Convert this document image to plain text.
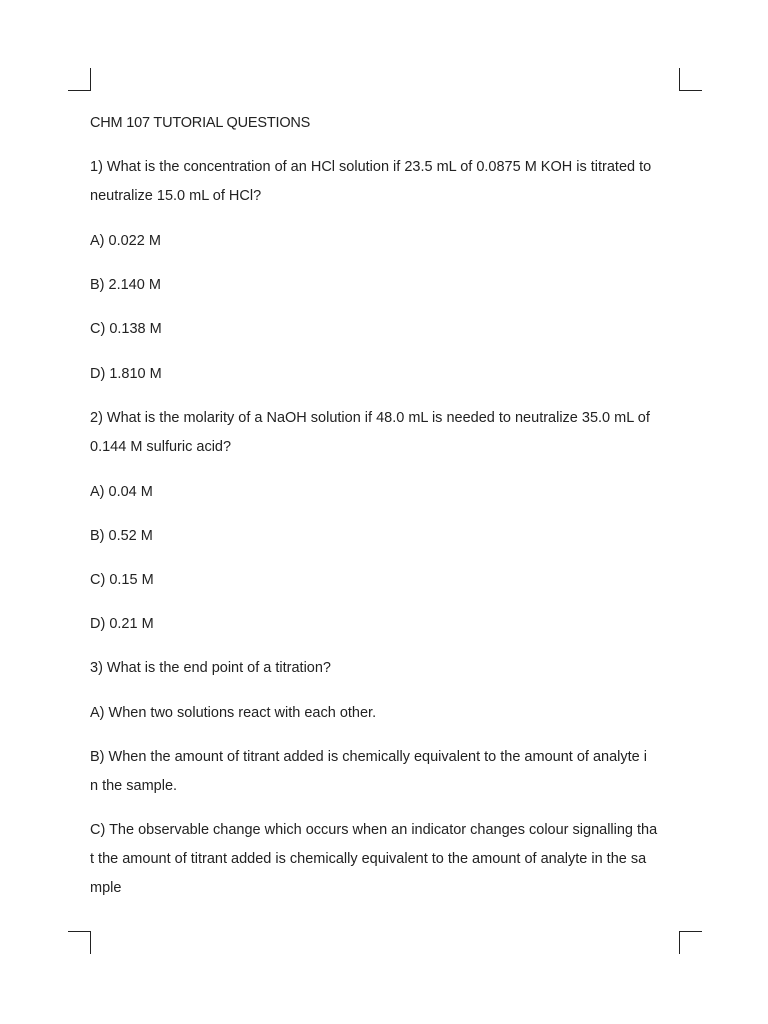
CHM 107 TUTORIAL QUESTIONS
1) What is the concentration of an HCl solution if 23.5 mL of 0.0875 M KOH is titrated to
neutralize 15.0 mL of HCl?
A) 0.022 M
B) 2.140 M
C) 0.138 M
D) 1.810 M
2) What is the molarity of a NaOH solution if 48.0 mL is needed to neutralize 35.0 mL of
0.144 M sulfuric acid?
A) 0.04 M
B) 0.52 M
C) 0.15 M
D) 0.21 M
3) What is the end point of a titration?
A) When two solutions react with each other.
B) When the amount of titrant added is chemically equivalent to the amount of analyte i
n the sample.
C) The observable change which occurs when an indicator changes colour signalling tha
t the amount of titrant added is chemically equivalent to the amount of analyte in the sa
mple
